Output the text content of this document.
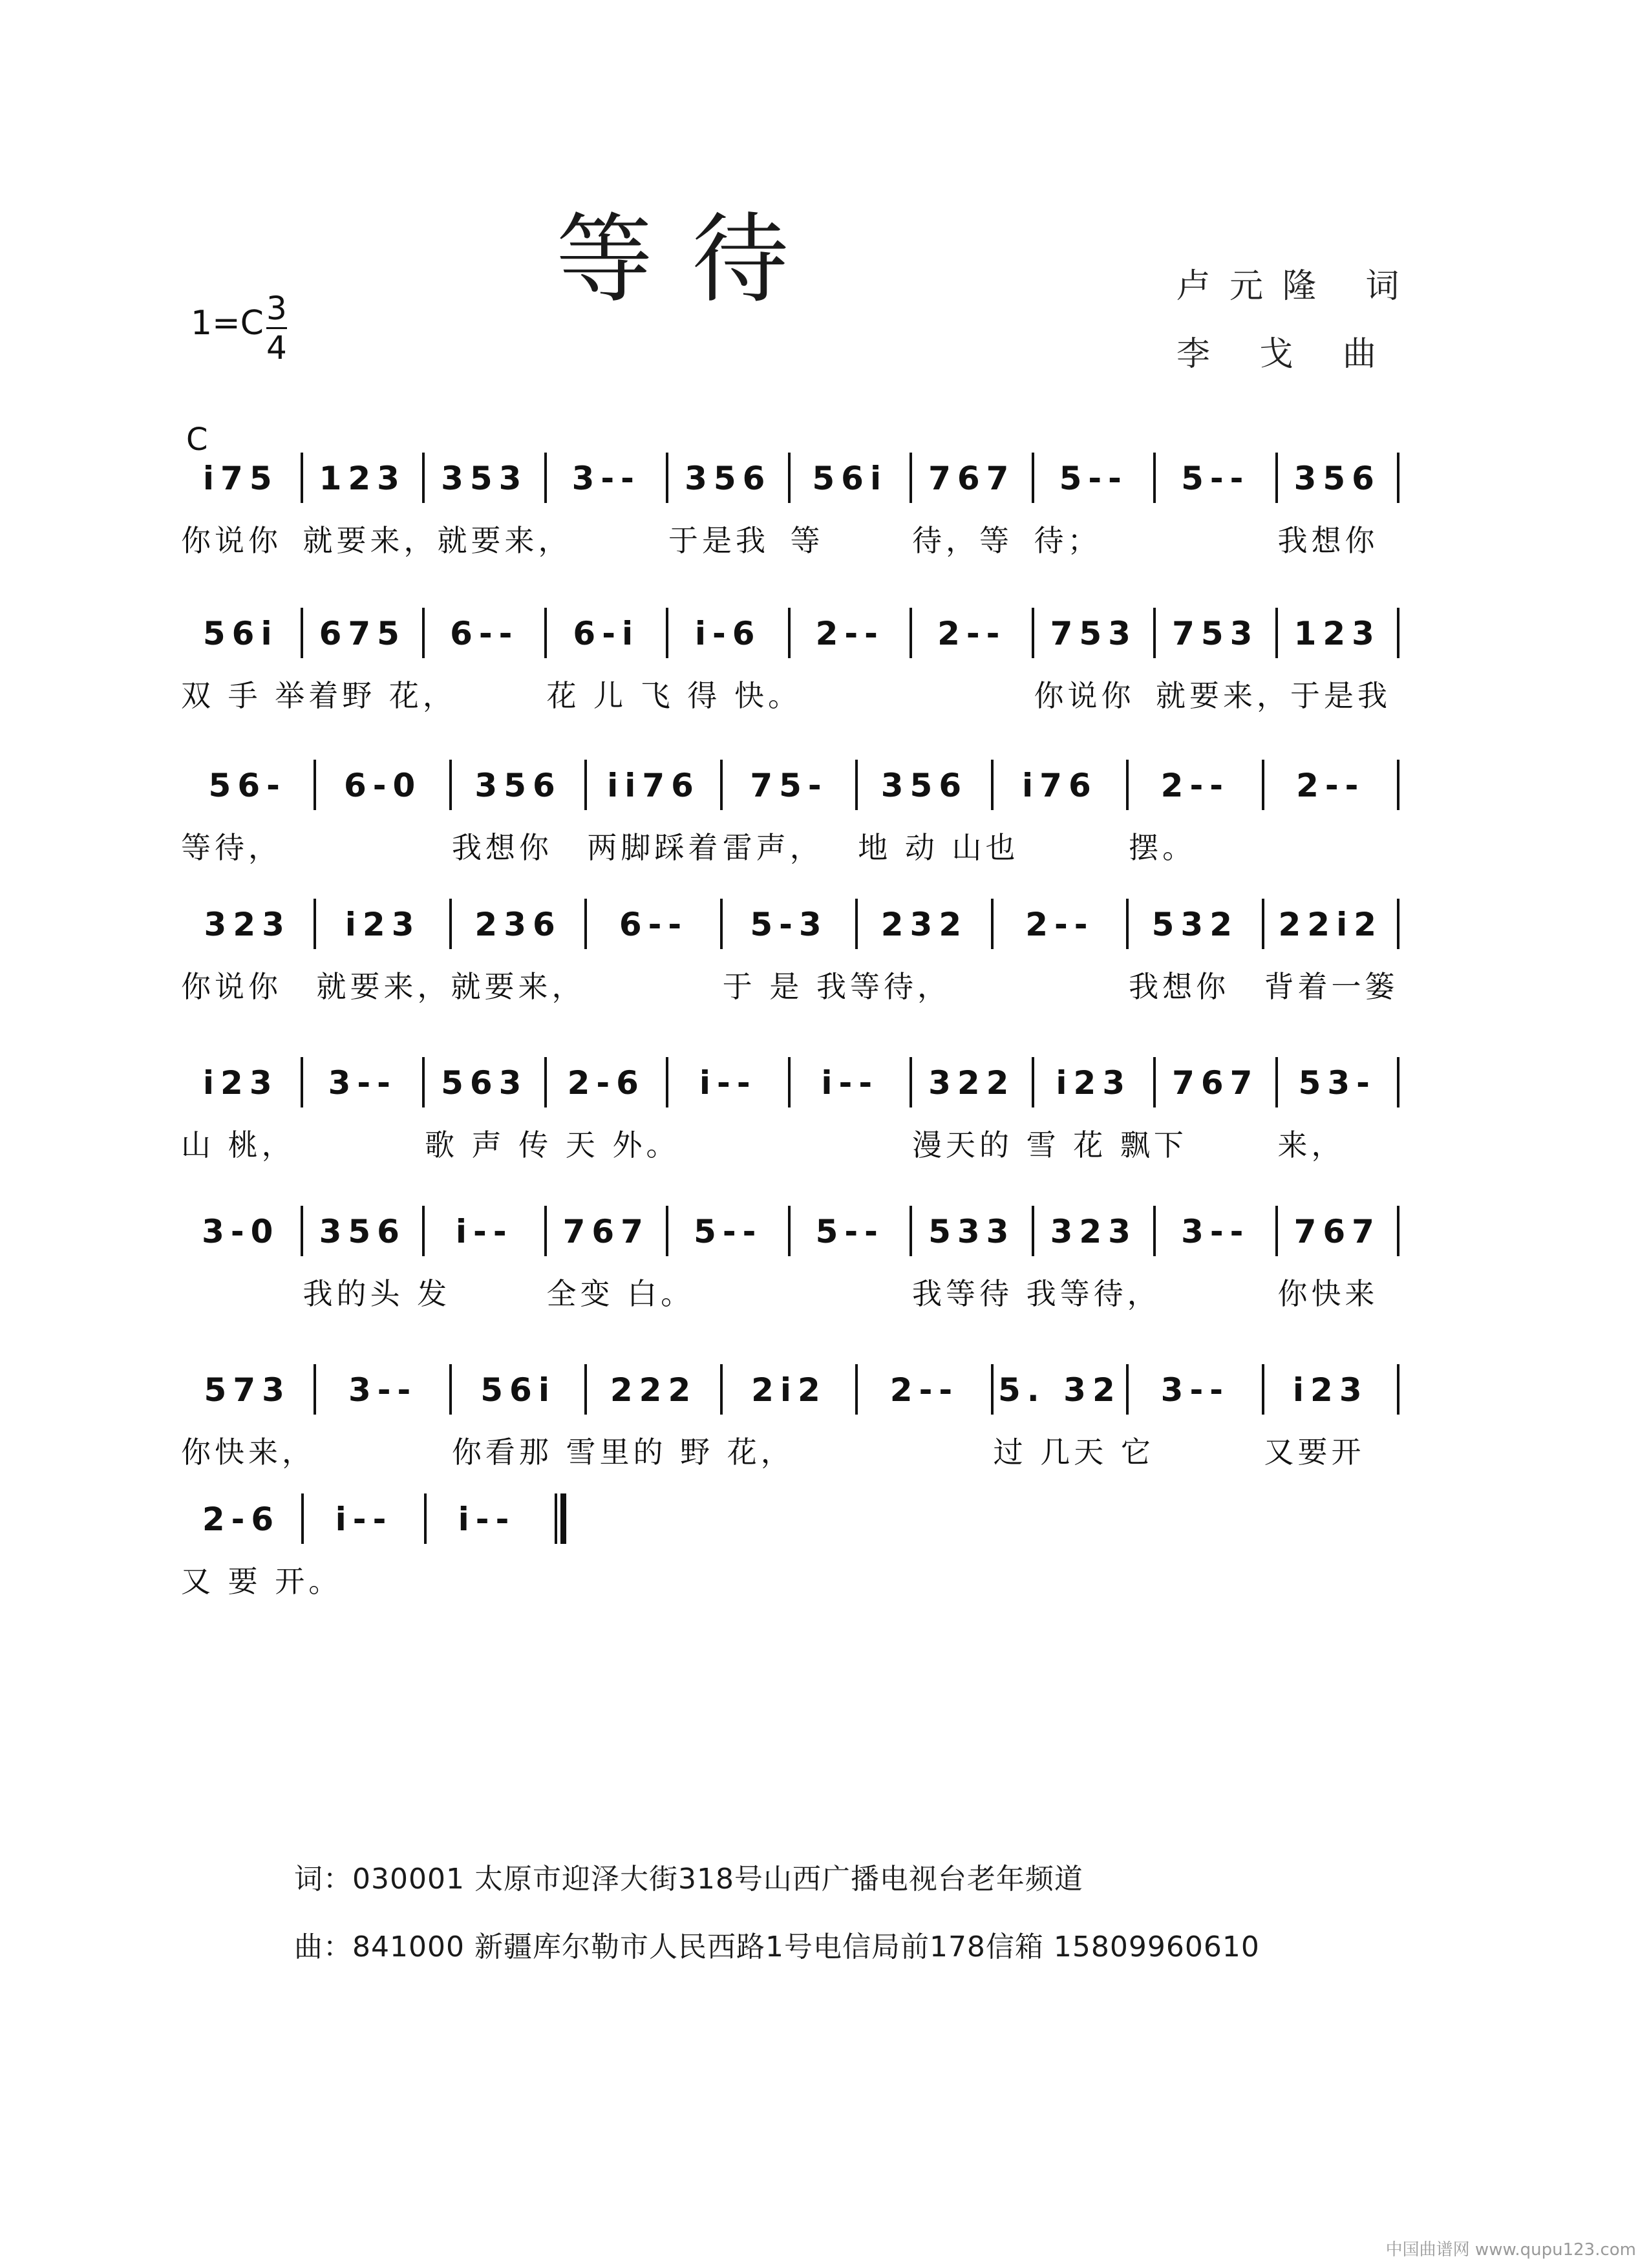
等待	卢元隆 词
李 戈 曲
1=C 3
4
C
i75	123	353	3--	356	56i	767	5--	5--	356
你说你 就要来，就要来，	于是我 等	待，等 待；	我想你
56i	675	6--	6-i	i-6	2--	2--	753	753	123
双 手 举着野 花，	花 儿 飞 得 快。	你说你 就要来，于是我
56-	6-0	356	ii76	75-	356	i76	2--	2--
等待，	我想你 两脚踩着 雷声， 地 动 山也	摆。
323	i23	236	6--	5-3	232	2--	532	22i2
你说你 就要来，就要来，	于 是 我等待，	我想你 背着一篓
i23	3--	563	2-6	i--	i--	322	i23	767	53-
山 桃，	歌 声 传 天 外。	漫天的 雪 花 飘下	来，
3-0	356	i--	767	5--	5--	533	323	3--	767
我的头 发	全变 白。	我等待 我等待，	你快来
573	3--	56i	222	2i2	2--	5. 32	3--	i23
你快来，	你看那 雪里的 野 花，	过 几天 它	又要开
2-6	i--	i--
又 要 开。
词：030001 太原市迎泽大街318号山西广播电视台老年频道
曲：841000 新疆库尔勒市人民西路1号电信局前178信箱 15809960610
中国曲谱网 www.qupu123.com
